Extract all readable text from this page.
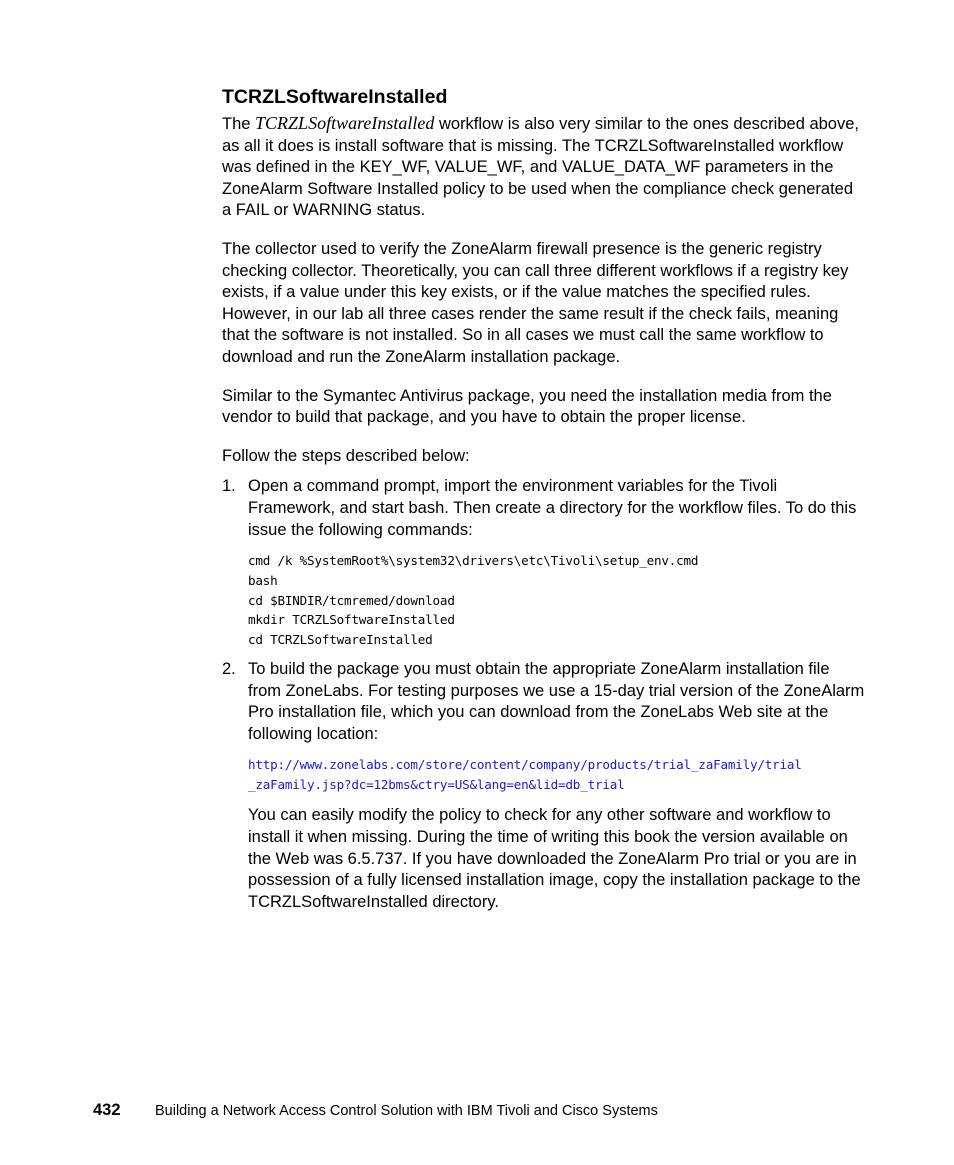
TCRZLSoftwareInstalled

The TCRZLSoftwareInstalled workflow is also very similar to the ones described above, as all it does is install software that is missing. The TCRZLSoftwareInstalled workflow was defined in the KEY_WF, VALUE_WF, and VALUE_DATA_WF parameters in the ZoneAlarm Software Installed policy to be used when the compliance check generated a FAIL or WARNING status.

The collector used to verify the ZoneAlarm firewall presence is the generic registry checking collector. Theoretically, you can call three different workflows if a registry key exists, if a value under this key exists, or if the value matches the specified rules. However, in our lab all three cases render the same result if the check fails, meaning that the software is not installed. So in all cases we must call the same workflow to download and run the ZoneAlarm installation package.

Similar to the Symantec Antivirus package, you need the installation media from the vendor to build that package, and you have to obtain the proper license.

Follow the steps described below:

1. Open a command prompt, import the environment variables for the Tivoli Framework, and start bash. Then create a directory for the workflow files. To do this issue the following commands:

cmd /k %SystemRoot%\system32\drivers\etc\Tivoli\setup_env.cmd
bash
cd $BINDIR/tcmremed/download
mkdir TCRZLSoftwareInstalled
cd TCRZLSoftwareInstalled
2. To build the package you must obtain the appropriate ZoneAlarm installation file from ZoneLabs. For testing purposes we use a 15-day trial version of the ZoneAlarm Pro installation file, which you can download from the ZoneLabs Web site at the following location:

http://www.zonelabs.com/store/content/company/products/trial_zaFamily/trial
_zaFamily.jsp?dc=12bms&ctry=US&lang=en&lid=db_trial

You can easily modify the policy to check for any other software and workflow to install it when missing. During the time of writing this book the version available on the Web was 6.5.737. If you have downloaded the ZoneAlarm Pro trial or you are in possession of a fully licensed installation image, copy the installation package to the TCRZLSoftwareInstalled directory.

432 Building a Network Access Control Solution with IBM Tivoli and Cisco Systems
